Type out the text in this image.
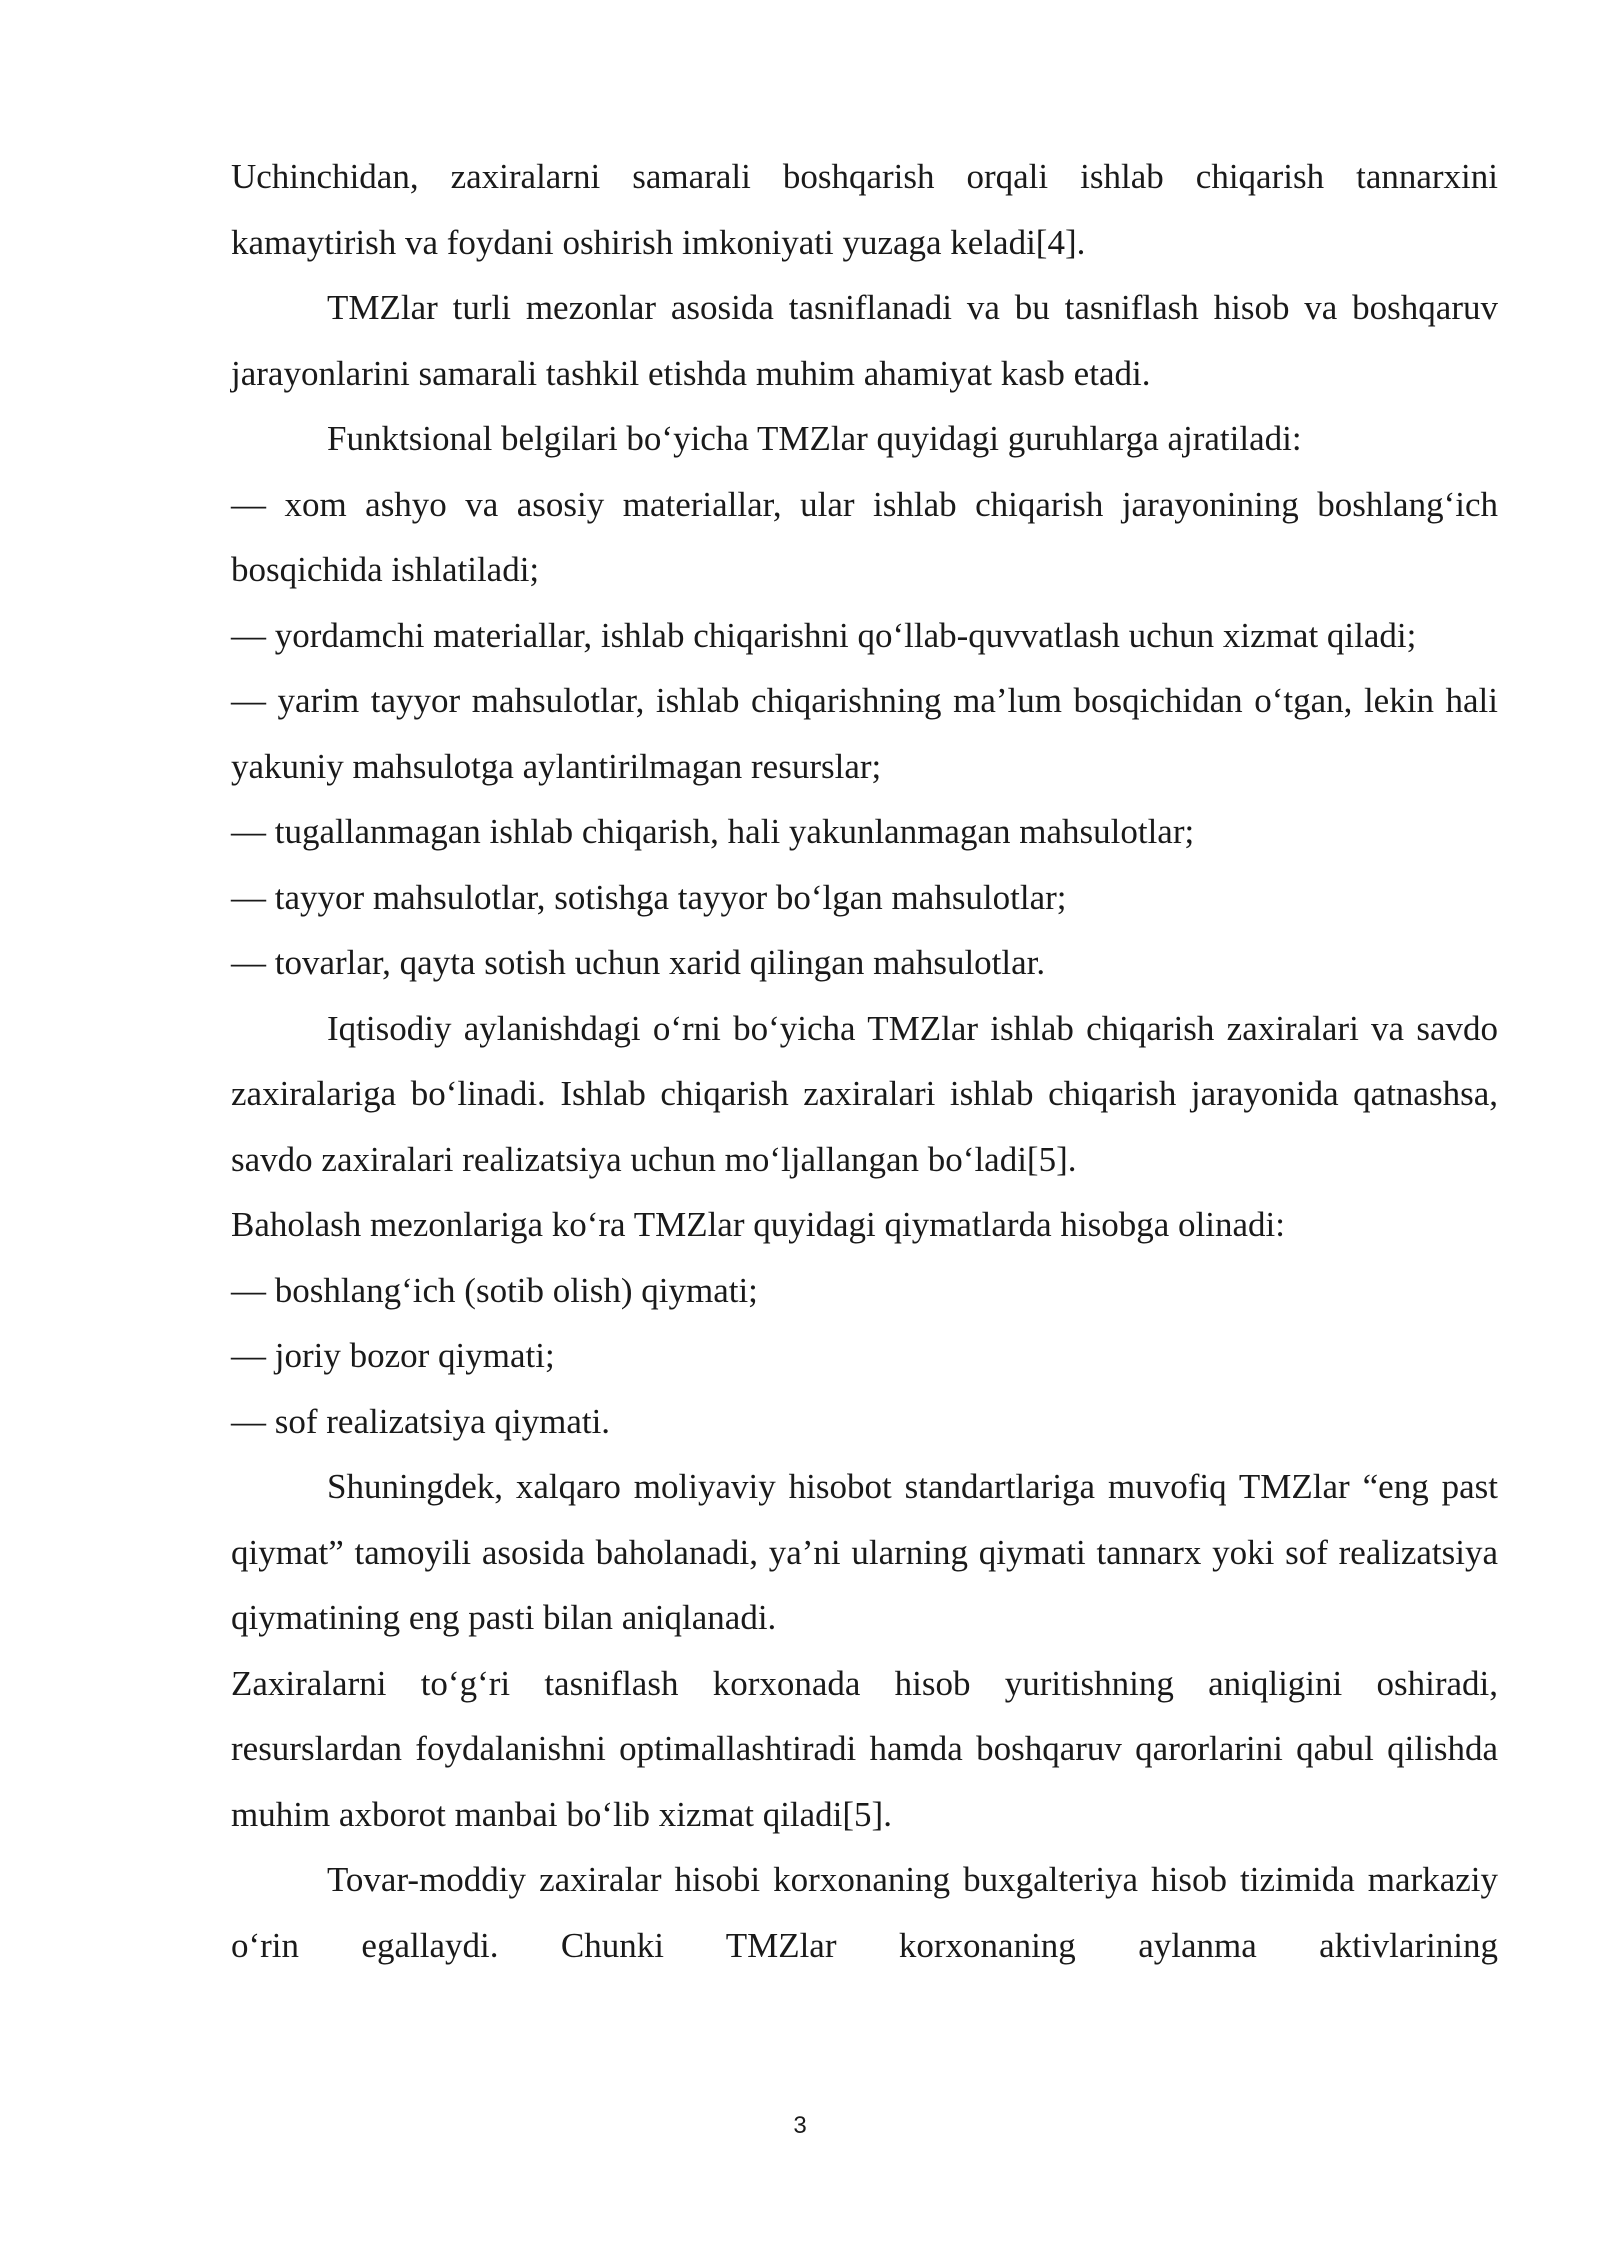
Uchinchidan, zaxiralarni samarali boshqarish orqali ishlab chiqarish tannarxini kamaytirish va foydani oshirish imkoniyati yuzaga keladi[4].

TMZlar turli mezonlar asosida tasniflanadi va bu tasniflash hisob va boshqaruv jarayonlarini samarali tashkil etishda muhim ahamiyat kasb etadi.

Funktsional belgilari bo‘yicha TMZlar quyidagi guruhlarga ajratiladi:

— xom ashyo va asosiy materiallar, ular ishlab chiqarish jarayonining boshlang‘ich bosqichida ishlatiladi;

— yordamchi materiallar, ishlab chiqarishni qo‘llab-quvvatlash uchun xizmat qiladi;

— yarim tayyor mahsulotlar, ishlab chiqarishning ma’lum bosqichidan o‘tgan, lekin hali yakuniy mahsulotga aylantirilmagan resurslar;

— tugallanmagan ishlab chiqarish, hali yakunlanmagan mahsulotlar;

— tayyor mahsulotlar, sotishga tayyor bo‘lgan mahsulotlar;

— tovarlar, qayta sotish uchun xarid qilingan mahsulotlar.

Iqtisodiy aylanishdagi o‘rni bo‘yicha TMZlar ishlab chiqarish zaxiralari va savdo zaxiralariga bo‘linadi. Ishlab chiqarish zaxiralari ishlab chiqarish jarayonida qatnashsa, savdo zaxiralari realizatsiya uchun mo‘ljallangan bo‘ladi[5].

Baholash mezonlariga ko‘ra TMZlar quyidagi qiymatlarda hisobga olinadi:

— boshlang‘ich (sotib olish) qiymati;

— joriy bozor qiymati;

— sof realizatsiya qiymati.

Shuningdek, xalqaro moliyaviy hisobot standartlariga muvofiq TMZlar “eng past qiymat” tamoyili asosida baholanadi, ya’ni ularning qiymati tannarx yoki sof realizatsiya qiymatining eng pasti bilan aniqlanadi.

Zaxiralarni to‘g‘ri tasniflash korxonada hisob yuritishning aniqligini oshiradi, resurslardan foydalanishni optimallashtiradi hamda boshqaruv qarorlarini qabul qilishda muhim axborot manbai bo‘lib xizmat qiladi[5].

Tovar-moddiy zaxiralar hisobi korxonaning buxgalteriya hisob tizimida markaziy o‘rin egallaydi. Chunki TMZlar korxonaning aylanma aktivlarining

3
